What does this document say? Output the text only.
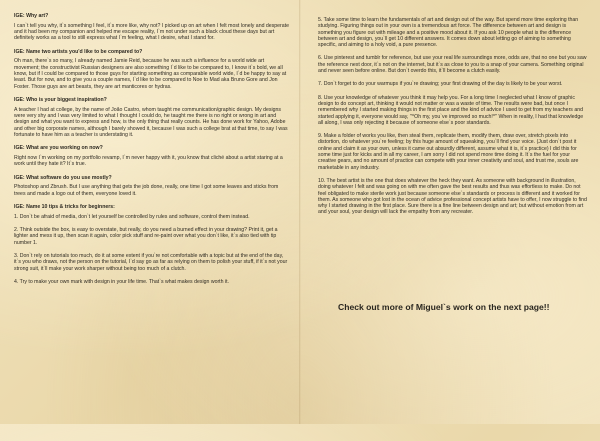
IGE: Why art?
I can`t tell you why, it`s something I feel, it`s more like, why not? I picked up on art when I felt most lonely and desperate and it had been my companion and helped me escape reality, I`m not under such a black cloud these days but art definitely works as a tool to still express what I`m feeling, what I desire, what I stand for.
IGE: Name two artists you'd like to be compared to?
Oh man, there`s so many, I already named Jamie Reid, because he was such a influence for a world wide art movement; the constructivist Russian designers are also something I`d like to be compared to, I know it`s bold, we all know, but if I could be compared to those guys for starting something as comparable world wide, I`d be happy to say at least. But for now, and to give you a couple names, I`d like to be compared to Noe to Mad aka Bruno Gore and Jon Foster. Those guys are art beasts, they are art manticores or hydras.
IGE: Who is your biggest inspiration?
A teacher I had at college, by the name of João Castro, whom taught me communication/graphic design. My designs were very shy and I was very limited to what I thought I could do, he taught me there is no right or wrong in art and design and what you want to express and how, is the only thing that really counts. He has done work for Yahoo, Adobe and other big corporate names, although I barely showed it, because I was such a college brat at that time, to say I was fortunate to have him as a teacher is understating it.
IGE: What are you working on now?
Right now I`m working on my portfolio revamp, I`m never happy with it, you know that cliché about a artist staring at a work until they hate it? It`s true.
IGE: What software do you use mostly?
Photoshop and Zbrush. But I use anything that gets the job done, really, one time I got some leaves and sticks from trees and made a logo out of them, everyone loved it.
IGE: Name 10 tips & tricks for beginners:
1. Don`t be afraid of media, don`t let yourself be controlled by rules and software, control them instead.
2. Think outside the box, is easy to overstate, but really, do you need a burned effect in your drawing? Print it, get a lighter and mess it up, then scan it again, color pick stuff and re-paint over what you don`t like, it`s also tied with tip number 1.
3. Don`t rely on tutorials too much, do it at some extent if you`re not comfortable with a topic but at the end of the day, it`s you who draws, not the person on the tutorial, I`d say go as far as relying on them to polish your stuff, if it`s not your strong suit, it`ll make your work sharper without being too much of a clutch.
4. Try to make your own mark with design in your life time. That`s what makes design worth it.
5. Take some time to learn the fundamentals of art and design out of the way. But spend more time exploring than studying. Figuring things out in your own is a tremendous art force. The difference between art and design is something you figure out with mileage and a positive mood about it. If you ask 10 people what is the difference between art and design, you`ll get 10 different answers. It comes down about letting go of aiming to something specific, and aiming to a holy void, a pure presence.
6. Use pinterest and tumblr for reference, but use your real life surroundings more, odds are, that no one but you saw the reference next door, it`s not on the internet, but it`s as close to you to a snap of your camera. Something original and never seen before online. But don`t overdo this, it`ll become a clutch easily.
7. Don`t forget to do your warmups if you`re drawing; your first drawing of the day is likely to be your worst.
8. Use your knowledge of whatever you think it may help you. For a long time I neglected what I know of graphic design to do concept art, thinking it would not matter or was a waste of time. The results were bad, but once I remembered why I started making things in the first place and the kind of advice I used to get from my teachers and started applying it, everyone would say, "^Oh my, you`ve improved so much!^" When in reality, I had that knowledge all along, I was only rejecting it because of someone else`s poor standards.
9. Make a folder of works you like, then steal them, replicate them, modify them, draw over, stretch pixels into distortion, do whatever you`re feeling; by this huge amount of squeaking, you`ll find your voice. (Just don`t post it online and claim it as your own, unless it came out absurdly different, assume what it is, it`s practice) I did this for some time just for kicks and in all my career, I am sorry I did not spend more time doing it. It`s the fuel for your creative gears, and no amount of practice can compete with your inner creativity and soul, and trust me, souls are marketable in any industry.
10. The best artist is the one that does whatever the heck they want. As someone with background in illustration, doing whatever I felt and was going on with me often gave the best results and thus was effortless to make. Do not feel obligated to make sterile work just because someone else`s standards or process is different and it worked for them. As someone who got lost in the ocean of advice professional concept artists have to offer, I now struggle to find why I started drawing in the first place. Sure there is a fine line between design and art; but without emotion from art and your soul, your design will lack the empathy from any recreater.
Check out more of Miguel`s work on the next page!!
